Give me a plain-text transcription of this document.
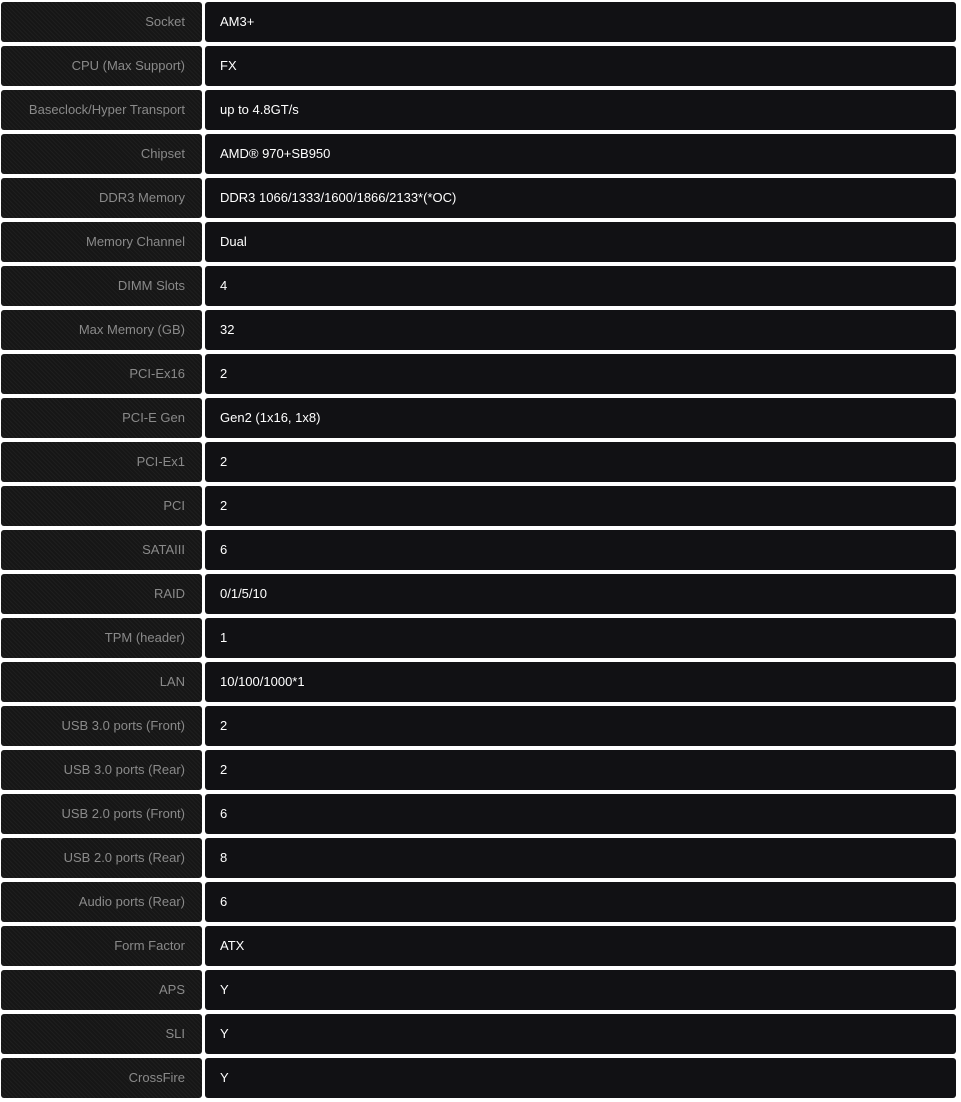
Socket	AM3+
CPU (Max Support)	FX
Baseclock/Hyper Transport	up to 4.8GT/s
Chipset	AMD® 970+SB950
DDR3 Memory	DDR3 1066/1333/1600/1866/2133*(*OC)
Memory Channel	Dual
DIMM Slots	4
Max Memory (GB)	32
PCI-Ex16	2
PCI-E Gen	Gen2 (1x16, 1x8)
PCI-Ex1	2
PCI	2
SATAIII	6
RAID	0/1/5/10
TPM (header)	1
LAN	10/100/1000*1
USB 3.0 ports (Front)	2
USB 3.0 ports (Rear)	2
USB 2.0 ports (Front)	6
USB 2.0 ports (Rear)	8
Audio ports (Rear)	6
Form Factor	ATX
APS	Y
SLI	Y
CrossFire	Y
